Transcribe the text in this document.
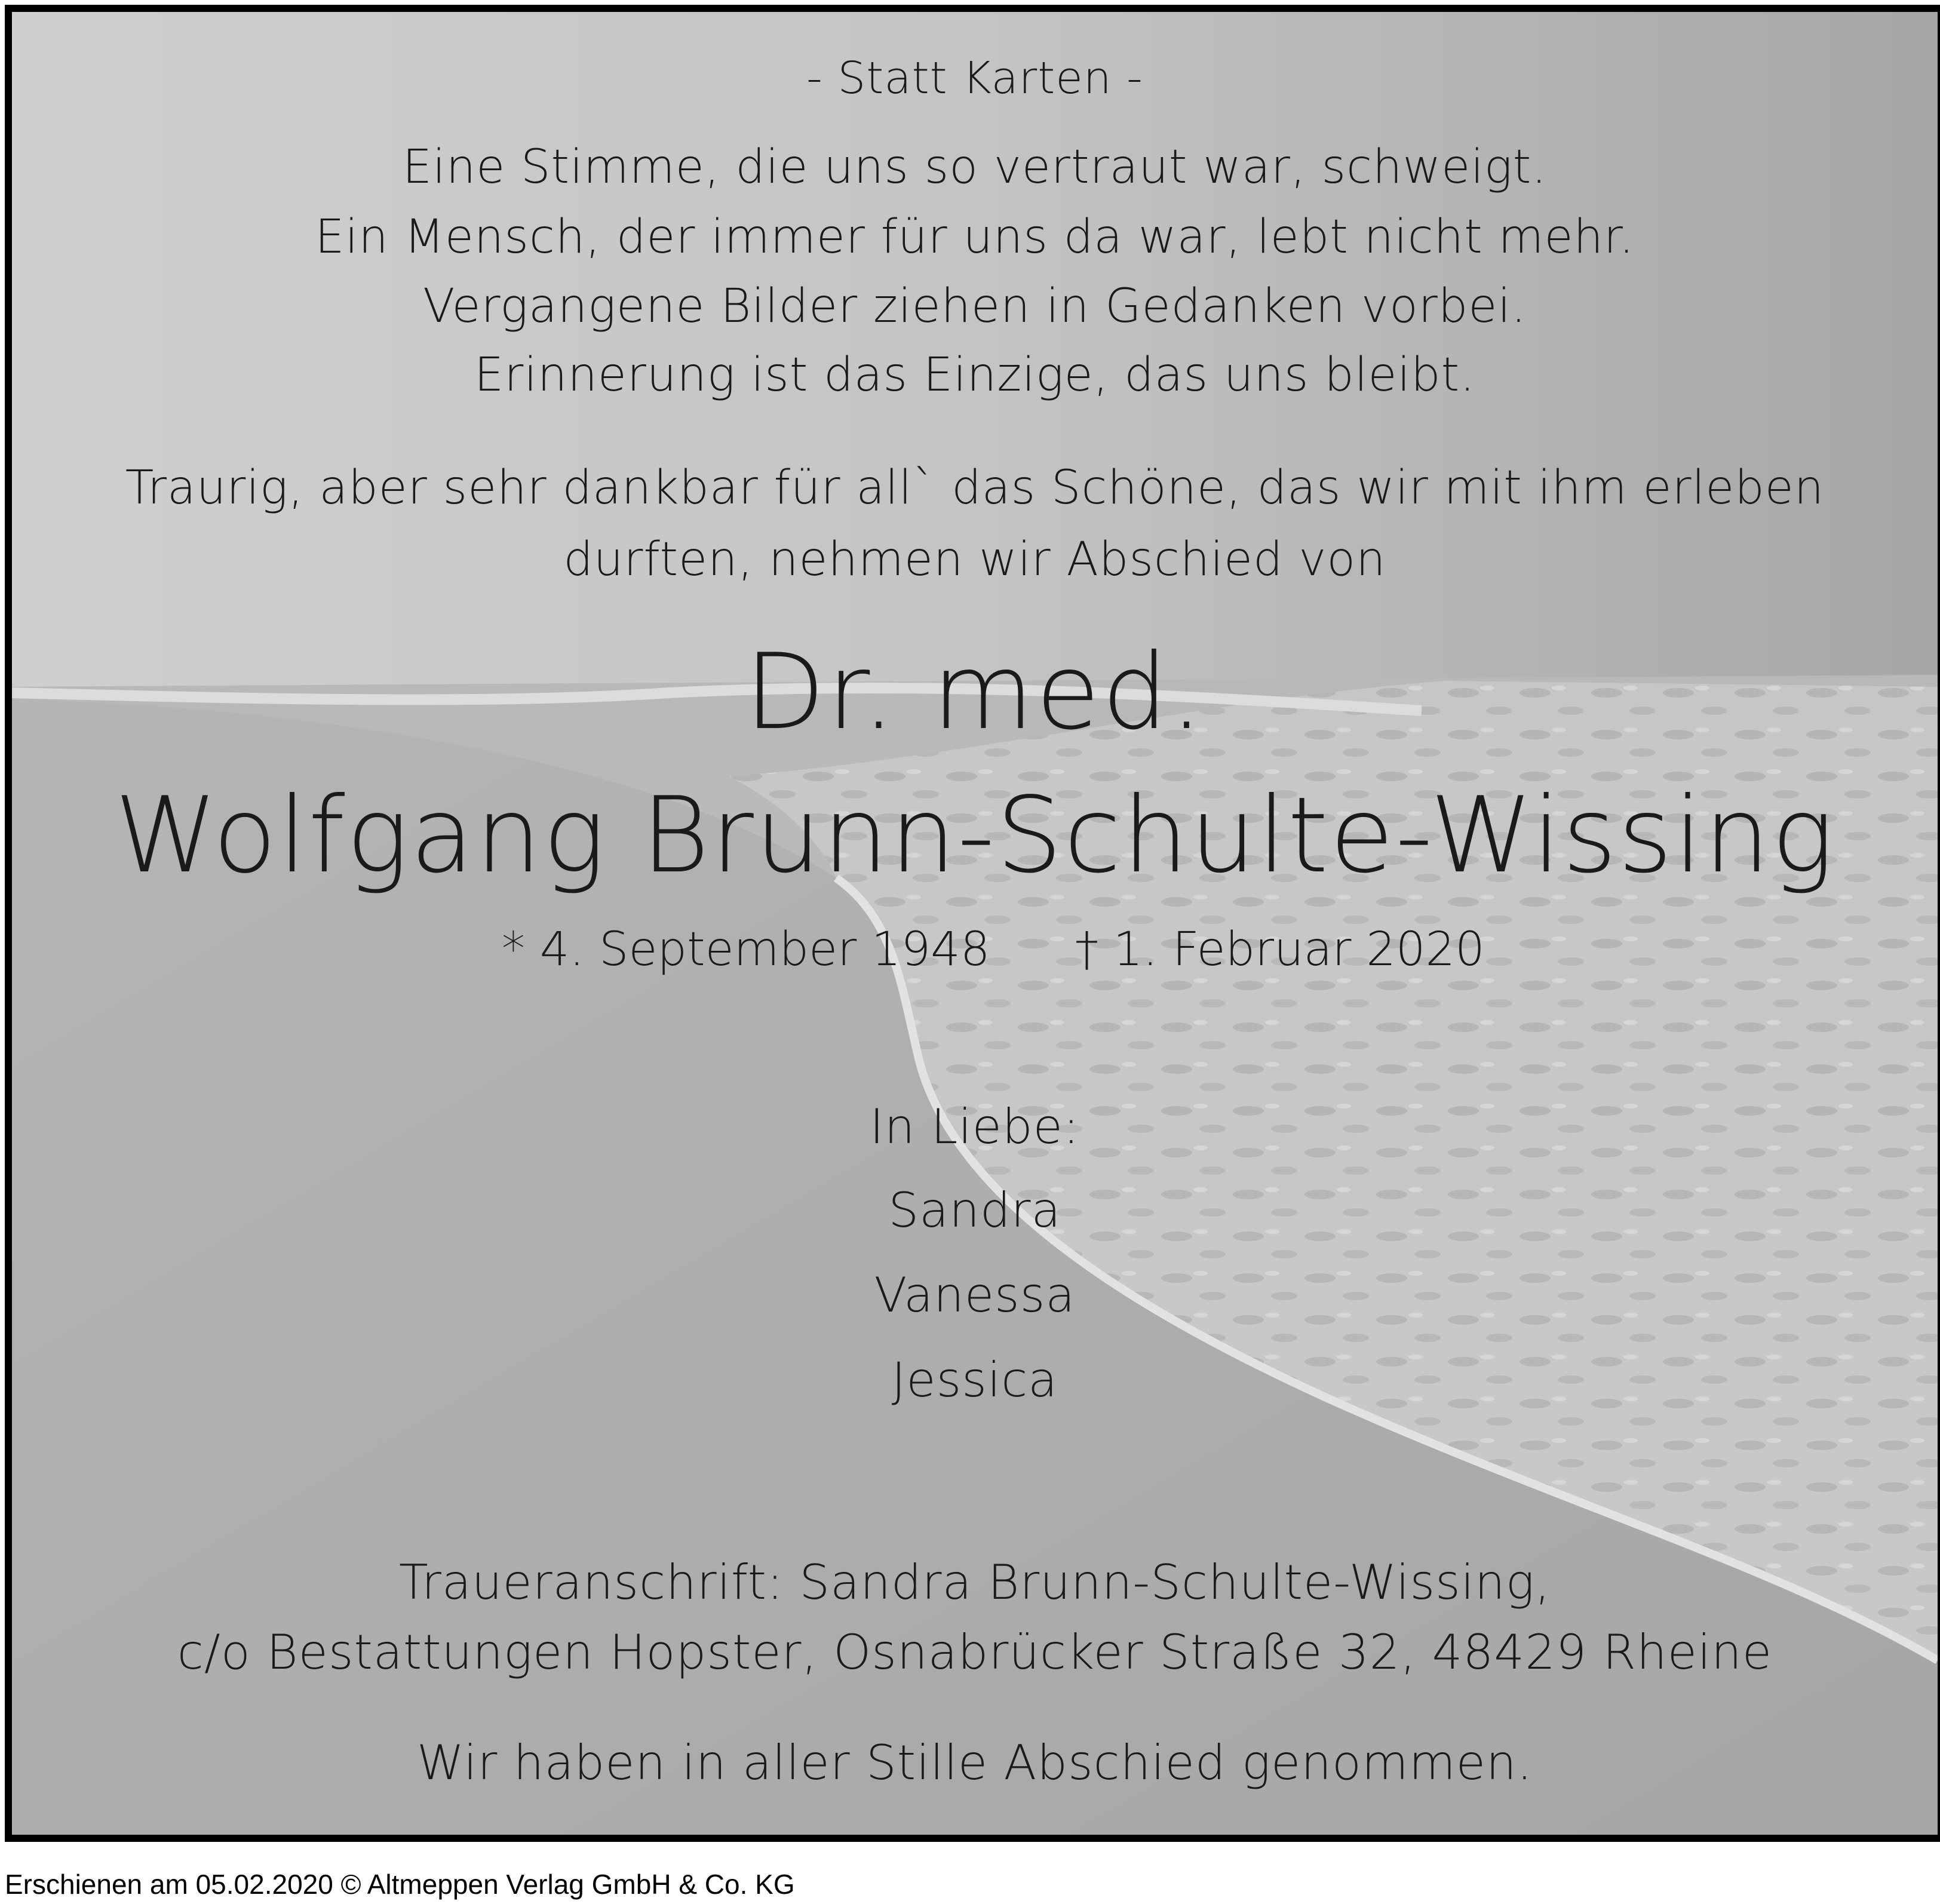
- Statt Karten -
Eine Stimme, die uns so vertraut war, schweigt.
Ein Mensch, der immer für uns da war, lebt nicht mehr.
Vergangene Bilder ziehen in Gedanken vorbei.
Erinnerung ist das Einzige, das uns bleibt.
Traurig, aber sehr dankbar für all` das Schöne, das wir mit ihm erleben
durften, nehmen wir Abschied von
Dr. med.
Wolfgang Brunn-Schulte-Wissing
* 4. September 1948 † 1. Februar 2020
In Liebe:
Sandra
Vanessa
Jessica
Traueranschrift: Sandra Brunn-Schulte-Wissing,
c/o Bestattungen Hopster, Osnabrücker Straße 32, 48429 Rheine
Wir haben in aller Stille Abschied genommen.
Erschienen am 05.02.2020 © Altmeppen Verlag GmbH & Co. KG
